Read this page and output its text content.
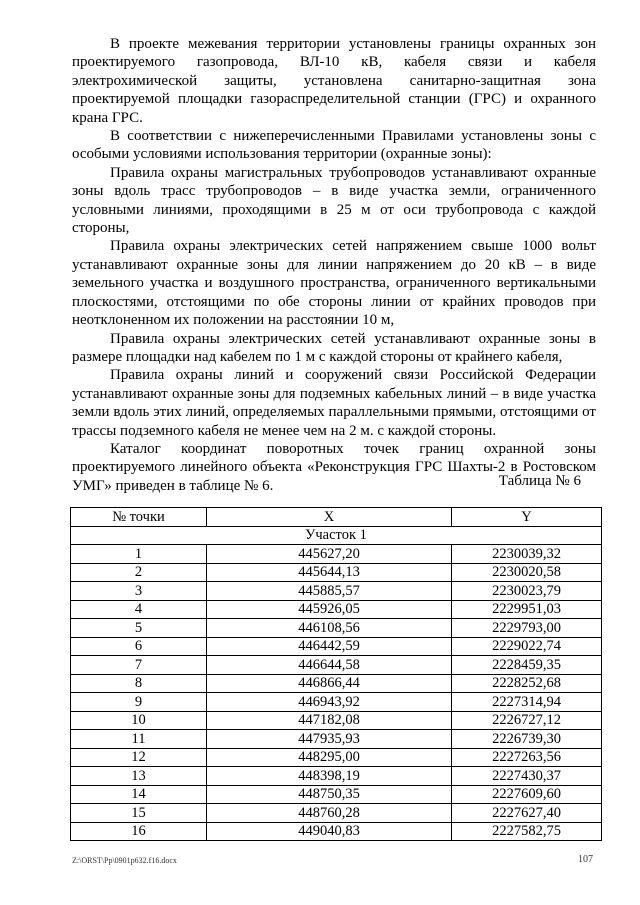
В проекте межевания территории установлены границы охранных зон проектируемого газопровода, ВЛ-10 кВ, кабеля связи и кабеля электрохимической защиты, установлена санитарно-защитная зона проектируемой площадки газораспределительной станции (ГРС) и охранного крана ГРС.

В соответствии с нижеперечисленными Правилами установлены зоны с особыми условиями использования территории (охранные зоны):

Правила охраны магистральных трубопроводов устанавливают охранные зоны вдоль трасс трубопроводов – в виде участка земли, ограниченного условными линиями, проходящими в 25 м от оси трубопровода с каждой стороны,

Правила охраны электрических сетей напряжением свыше 1000 вольт устанавливают охранные зоны для линии напряжением до 20 кВ – в виде земельного участка и воздушного пространства, ограниченного вертикальными плоскостями, отстоящими по обе стороны линии от крайних проводов при неотклоненном их положении на расстоянии 10 м,

Правила охраны электрических сетей устанавливают охранные зоны в размере площадки над кабелем по 1 м с каждой стороны от крайнего кабеля,

Правила охраны линий и сооружений связи Российской Федерации устанавливают охранные зоны для подземных кабельных линий – в виде участка земли вдоль этих линий, определяемых параллельными прямыми, отстоящими от трассы подземного кабеля не менее чем на 2 м. с каждой стороны.

Каталог координат поворотных точек границ охранной зоны проектируемого линейного объекта «Реконструкция ГРС Шахты-2 в Ростовском УМГ» приведен в таблице № 6.	Таблица № 6
№ точки	X	Y
Участок 1		
1	445627,20	2230039,32
2	445644,13	2230020,58
3	445885,57	2230023,79
4	445926,05	2229951,03
5	446108,56	2229793,00
6	446442,59	2229022,74
7	446644,58	2228459,35
8	446866,44	2228252,68
9	446943,92	2227314,94
10	447182,08	2226727,12
11	447935,93	2226739,30
12	448295,00	2227263,56
13	448398,19	2227430,37
14	448750,35	2227609,60
15	448760,28	2227627,40
16	449040,83	2227582,75
Z:\ORST\Pp\0901p632.f16.docx	107
